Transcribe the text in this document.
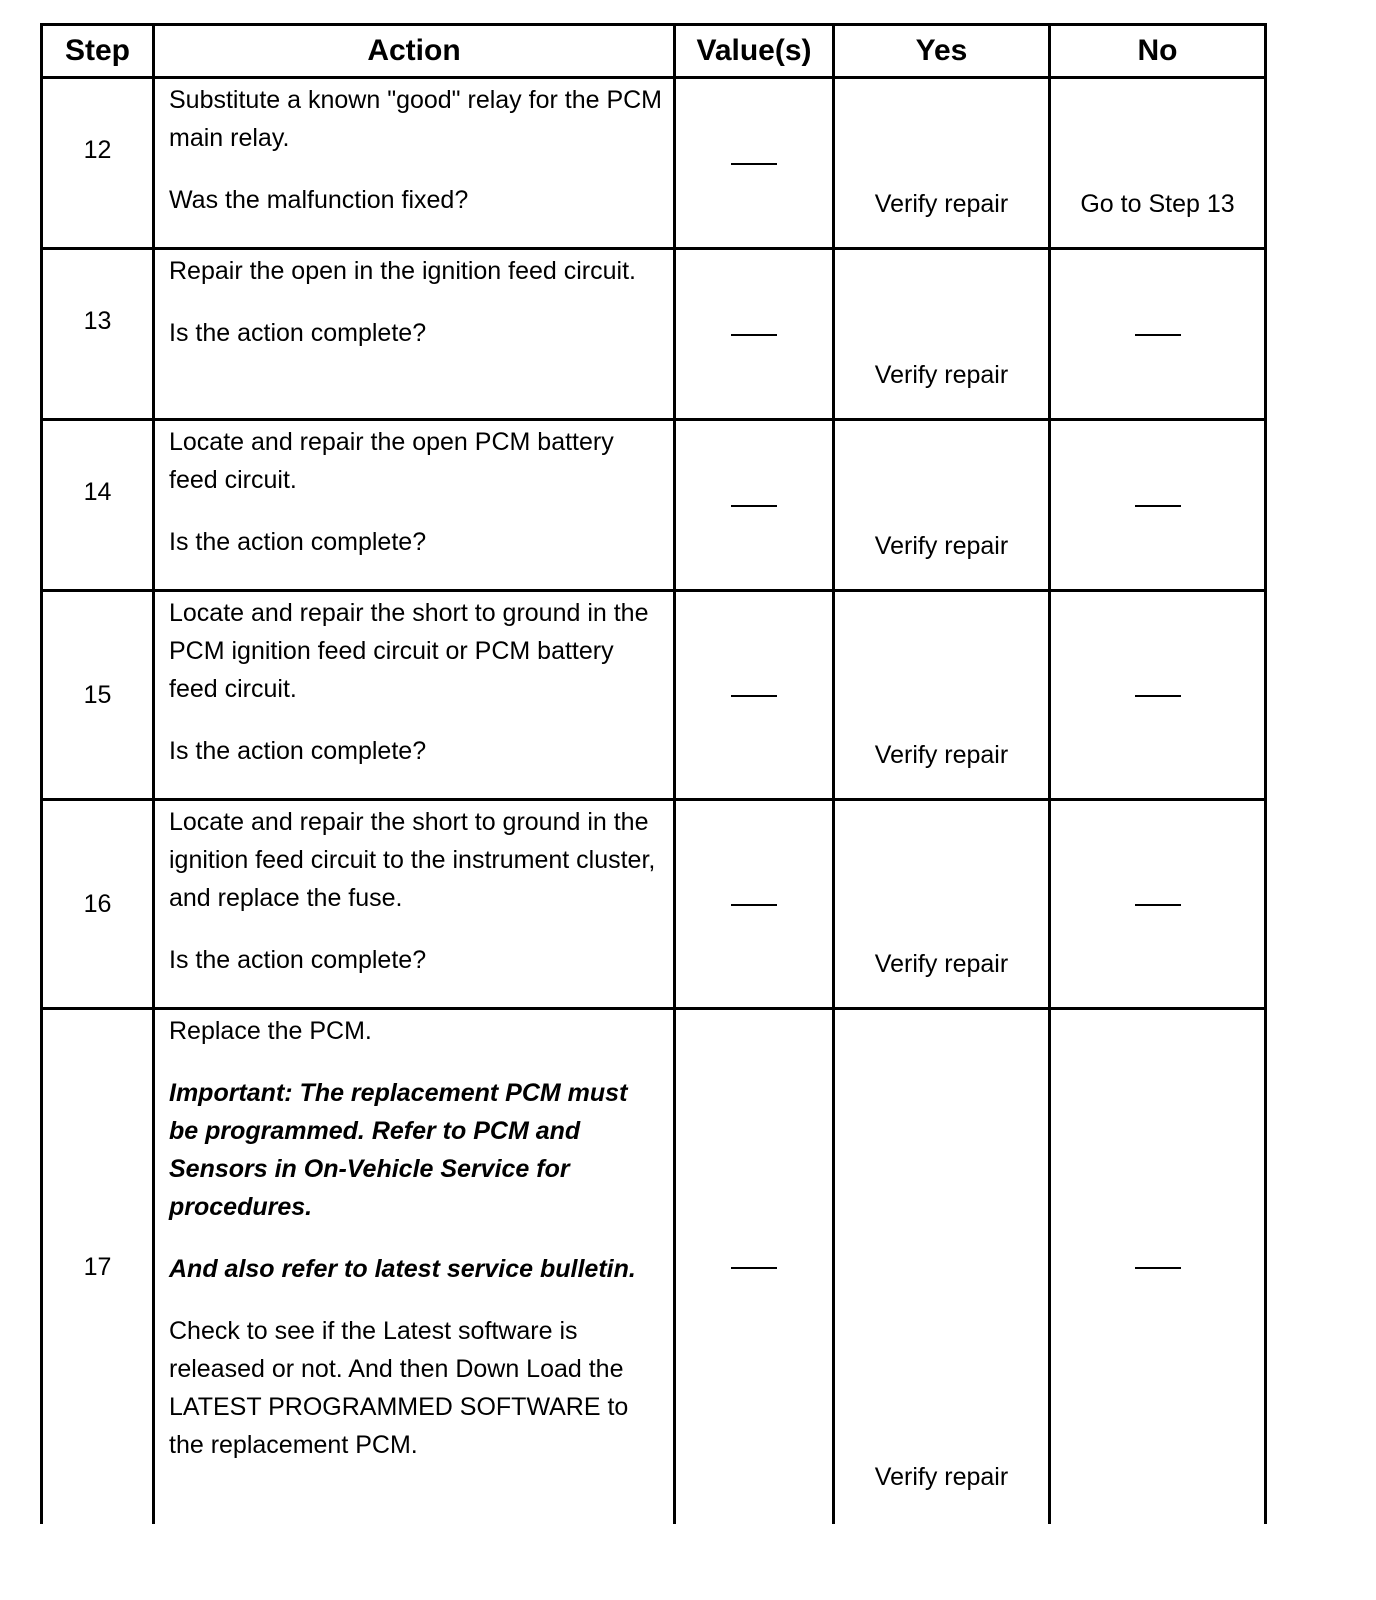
Step	Action	Value(s)	Yes	No
12	Substitute a known "good" relay for the PCM main relay.

Was the malfunction fixed?		Verify repair	Go to Step 13
13	Repair the open in the ignition feed circuit.

Is the action complete?		Verify repair	
14	Locate and repair the open PCM battery feed circuit.

Is the action complete?		Verify repair	
15	Locate and repair the short to ground in the PCM ignition feed circuit or PCM battery feed circuit.

Is the action complete?		Verify repair	
16	Locate and repair the short to ground in the ignition feed circuit to the instrument cluster, and replace the fuse.

Is the action complete?		Verify repair	
17	Replace the PCM.

Important: The replacement PCM must be programmed. Refer to PCM and Sensors in On-Vehicle Service for procedures.

And also refer to latest service bulletin.

Check to see if the Latest software is released or not. And then Down Load the LATEST PROGRAMMED SOFTWARE to the replacement PCM.		Verify repair	
